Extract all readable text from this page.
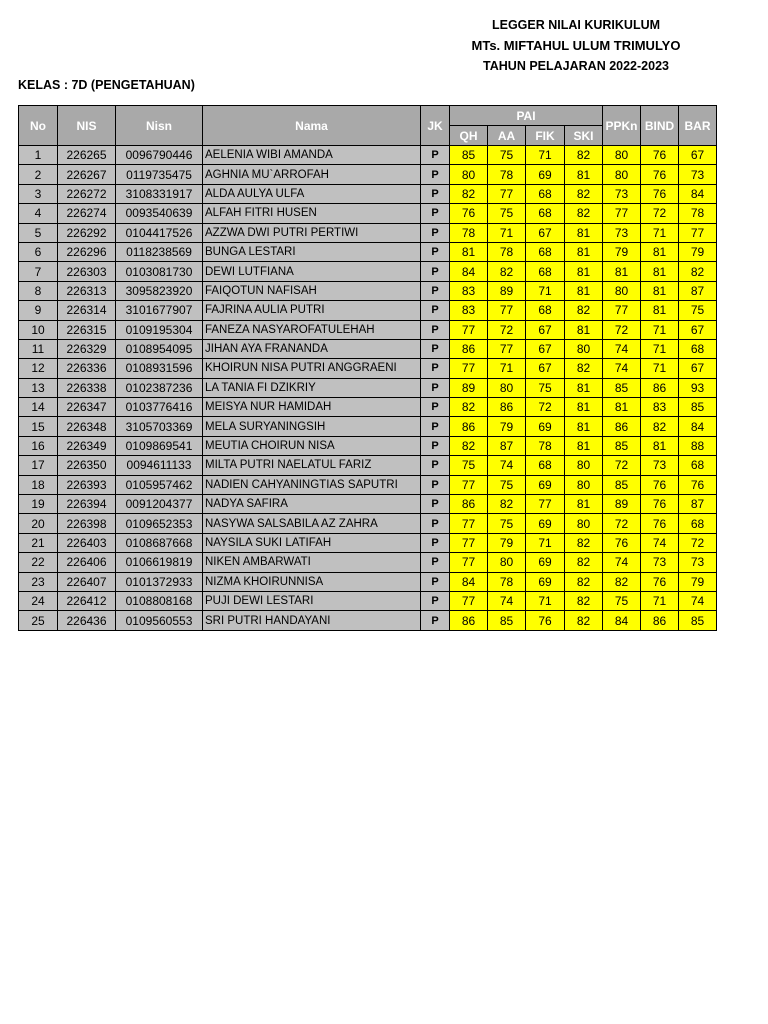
LEGGER NILAI KURIKULUM
MTs. MIFTAHUL ULUM TRIMULYO
TAHUN PELAJARAN 2022-2023
KELAS : 7D (PENGETAHUAN)
No	NIS	Nisn	Nama	JK	PAI				PPKn	BIND	BAR
					QH	AA	FIK	SKI			
1	226265	0096790446	AELENIA WIBI AMANDA	P	85	75	71	82	80	76	67
2	226267	0119735475	AGHNIA MU`ARROFAH	P	80	78	69	81	80	76	73
3	226272	3108331917	ALDA AULYA ULFA	P	82	77	68	82	73	76	84
4	226274	0093540639	ALFAH FITRI HUSEN	P	76	75	68	82	77	72	78
5	226292	0104417526	AZZWA DWI PUTRI PERTIWI	P	78	71	67	81	73	71	77
6	226296	0118238569	BUNGA LESTARI	P	81	78	68	81	79	81	79
7	226303	0103081730	DEWI LUTFIANA	P	84	82	68	81	81	81	82
8	226313	3095823920	FAIQOTUN NAFISAH	P	83	89	71	81	80	81	87
9	226314	3101677907	FAJRINA AULIA PUTRI	P	83	77	68	82	77	81	75
10	226315	0109195304	FANEZA NASYAROFATULEHAH	P	77	72	67	81	72	71	67
11	226329	0108954095	JIHAN AYA FRANANDA	P	86	77	67	80	74	71	68
12	226336	0108931596	KHOIRUN NISA PUTRI ANGGRAENI	P	77	71	67	82	74	71	67
13	226338	0102387236	LA TANIA FI DZIKRIY	P	89	80	75	81	85	86	93
14	226347	0103776416	MEISYA NUR HAMIDAH	P	82	86	72	81	81	83	85
15	226348	3105703369	MELA SURYANINGSIH	P	86	79	69	81	86	82	84
16	226349	0109869541	MEUTIA CHOIRUN NISA	P	82	87	78	81	85	81	88
17	226350	0094611133	MILTA PUTRI NAELATUL FARIZ	P	75	74	68	80	72	73	68
18	226393	0105957462	NADIEN CAHYANINGTIAS SAPUTRI	P	77	75	69	80	85	76	76
19	226394	0091204377	NADYA SAFIRA	P	86	82	77	81	89	76	87
20	226398	0109652353	NASYWA SALSABILA AZ ZAHRA	P	77	75	69	80	72	76	68
21	226403	0108687668	NAYSILA SUKI LATIFAH	P	77	79	71	82	76	74	72
22	226406	0106619819	NIKEN AMBARWATI	P	77	80	69	82	74	73	73
23	226407	0101372933	NIZMA KHOIRUNNISA	P	84	78	69	82	82	76	79
24	226412	0108808168	PUJI DEWI LESTARI	P	77	74	71	82	75	71	74
25	226436	0109560553	SRI PUTRI HANDAYANI	P	86	85	76	82	84	86	85
